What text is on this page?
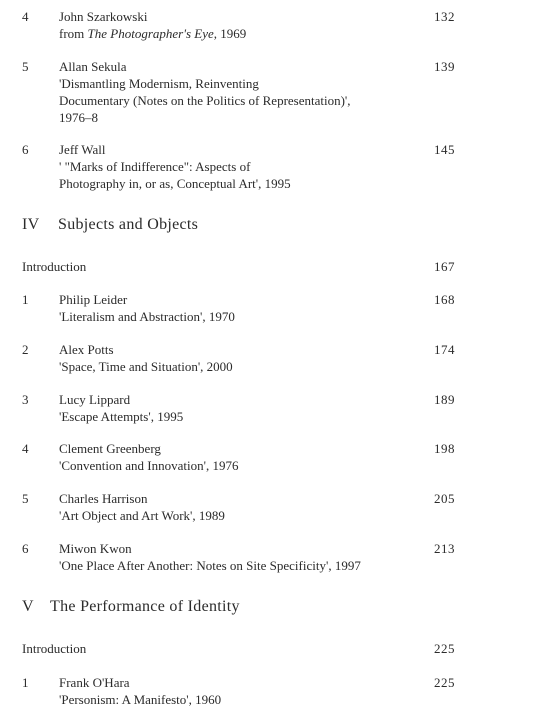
4 John Szarkowski
from The Photographer's Eye, 1969
132
5 Allan Sekula
'Dismantling Modernism, Reinventing
Documentary (Notes on the Politics of Representation)',
1976–8
139
6 Jeff Wall
' "Marks of Indifference": Aspects of
Photography in, or as, Conceptual Art', 1995
145
IV Subjects and Objects
Introduction	167
1 Philip Leider
'Literalism and Abstraction', 1970
168
2 Alex Potts
'Space, Time and Situation', 2000
174
3 Lucy Lippard
'Escape Attempts', 1995
189
4 Clement Greenberg
'Convention and Innovation', 1976
198
5 Charles Harrison
'Art Object and Art Work', 1989
205
6 Miwon Kwon
'One Place After Another: Notes on Site Specificity', 1997
213
V The Performance of Identity
Introduction	225
1 Frank O'Hara
'Personism: A Manifesto', 1960
225
